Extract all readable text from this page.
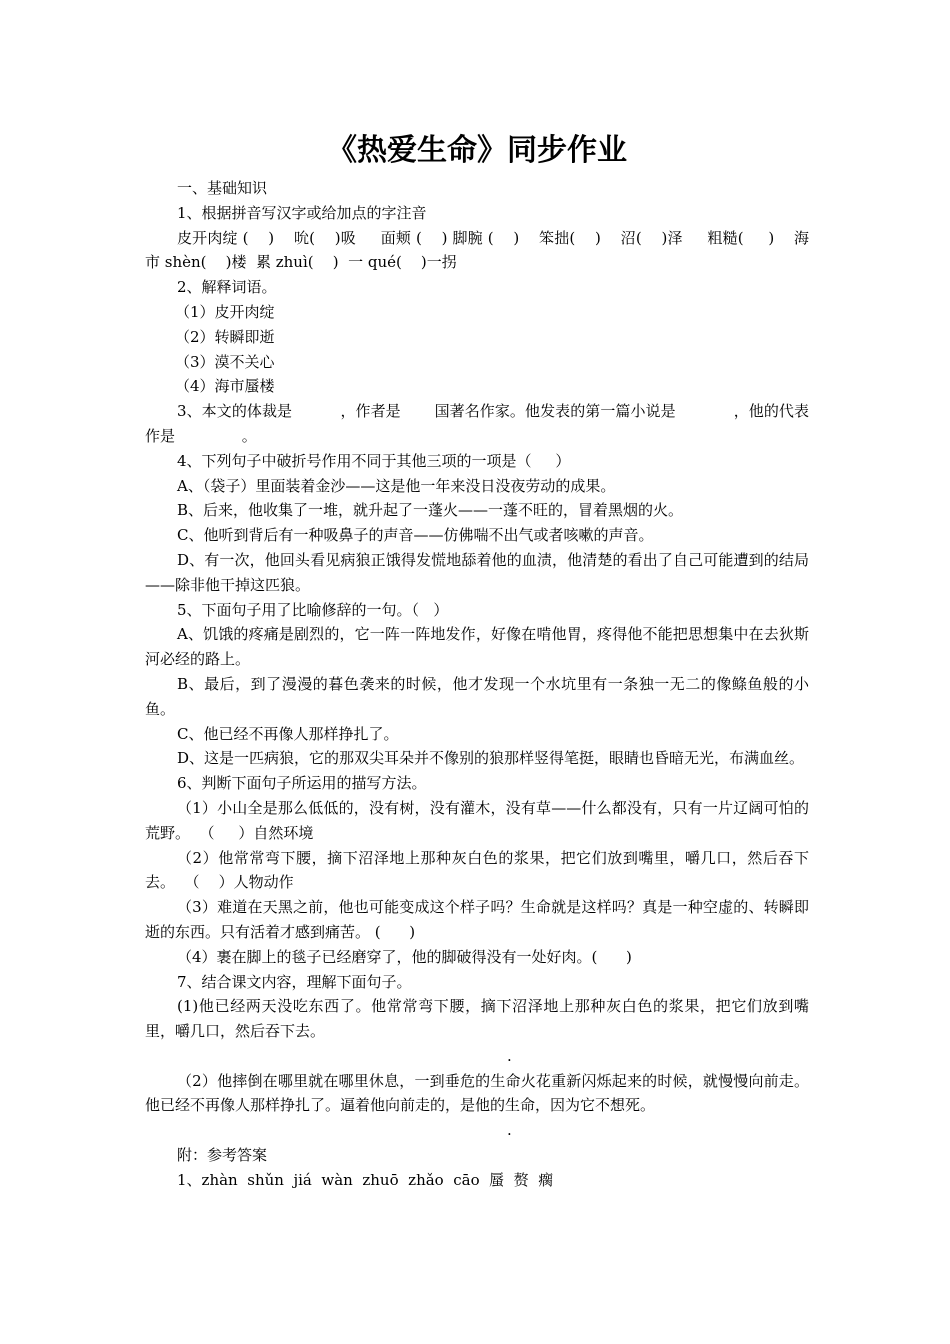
《热爱生命》同步作业
一、基础知识
1、根据拼音写汉字或给加点的字注音
皮开肉绽 (    )    吮(    )吸     面颊 (    ) 脚腕 (    )    笨拙(    )    沼(    )泽     粗糙(     )    海市 shèn(    )楼  累 zhuì(    )  一 qué(    )一拐
2、解释词语。
（1）皮开肉绽
（2）转瞬即逝
（3）漠不关心
（4）海市蜃楼
3、本文的体裁是          ，作者是       国著名作家。他发表的第一篇小说是            ，他的代表作是              。
4、下列句子中破折号作用不同于其他三项的一项是（     ）
A、（袋子）里面装着金沙——这是他一年来没日没夜劳动的成果。
B、后来，他收集了一堆，就升起了一蓬火——一蓬不旺的，冒着黑烟的火。
C、他听到背后有一种吸鼻子的声音——仿佛喘不出气或者咳嗽的声音。
D、有一次，他回头看见病狼正饿得发慌地舔着他的血渍，他清楚的看出了自己可能遭到的结局——除非他干掉这匹狼。
5、下面句子用了比喻修辞的一句。（   ）
A、饥饿的疼痛是剧烈的，它一阵一阵地发作，好像在啃他胃，疼得他不能把思想集中在去狄斯河必经的路上。
B、最后，到了漫漫的暮色袭来的时候，他才发现一个水坑里有一条独一无二的像鲦鱼般的小鱼。
C、他已经不再像人那样挣扎了。
D、这是一匹病狼，它的那双尖耳朵并不像别的狼那样竖得笔挺，眼睛也昏暗无光，布满血丝。
6、判断下面句子所运用的描写方法。
（1）小山全是那么低低的，没有树，没有灌木，没有草——什么都没有，只有一片辽阔可怕的荒野。  （     ）自然环境
（2）他常常弯下腰，摘下沼泽地上那种灰白色的浆果，把它们放到嘴里，嚼几口，然后吞下去。  （    ）人物动作
（3）难道在天黑之前，他也可能变成这个样子吗？生命就是这样吗？真是一种空虚的、转瞬即逝的东西。只有活着才感到痛苦。 (      )
（4）裹在脚上的毯子已经磨穿了，他的脚破得没有一处好肉。(      )
7、结合课文内容，理解下面句子。
(1)他已经两天没吃东西了。他常常弯下腰，摘下沼泽地上那种灰白色的浆果，把它们放到嘴里，嚼几口，然后吞下去。
.
（2）他摔倒在哪里就在哪里休息，一到垂危的生命火花重新闪烁起来的时候，就慢慢向前走。他已经不再像人那样挣扎了。逼着他向前走的，是他的生命，因为它不想死。
.
附：参考答案
1、zhàn  shǔn  jiá  wàn  zhuō  zhǎo  cāo  蜃  赘  瘸
